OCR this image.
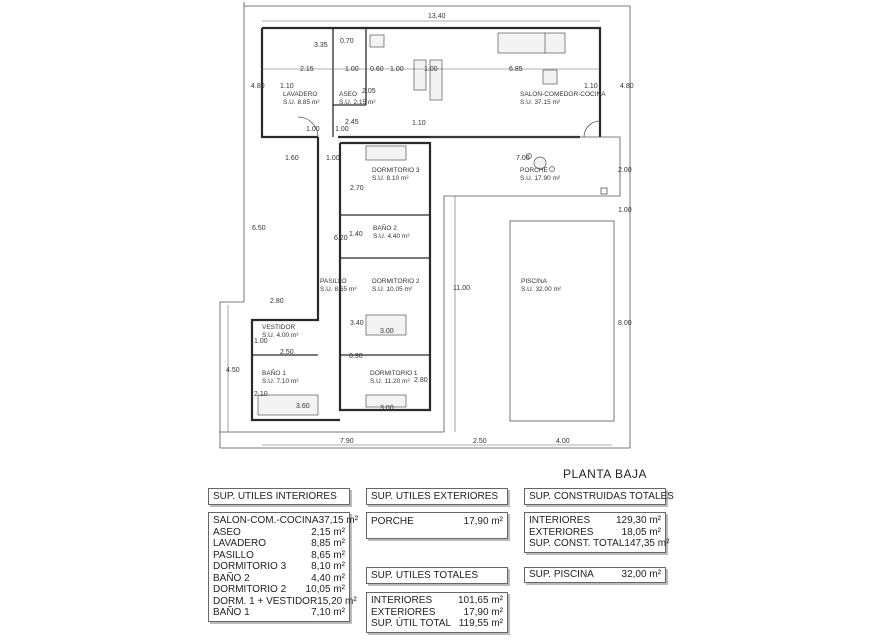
LAVADERO
S.U. 8.85 m²
ASEO
S.U. 2.15 m²
SALON-COMEDOR-COCINA
S.U. 37.15 m²
DORMITORIO 3
S.U. 8.10 m²
PORCHE
S.U. 17.90 m²
BAÑO 2
S.U. 4.40 m²
PASILLO
S.U. 8.65 m²
DORMITORIO 2
S.U. 10.05 m²
PISCINA
S.U. 32.00 m²
VESTIDOR
S.U. 4.00 m²
BAÑO 1
S.U. 7.10 m²
DORMITORIO 1
S.U. 11.20 m²
13.40
3.35
0.70
2.15	1.00 0.60 1.00	1.00	6.85
2.05
2.45
1.00
1.10
1.10
1.10
4.80	4.80
1.00
1.60	1.00	7.00
2.70
2.00
1.00
6.50
6.20
1.40
11.00
2.80
3.40	8.00
3.00
1.00
2.50
0.90
4.50
2.80
2.10
3.60	3.00
7.90	2.50	4.00
PLANTA BAJA
SUP. UTILES INTERIORES
SALON-COM.-COCINA 37,15 m²
ASEO	2,15 m²
LAVADERO	8,85 m²
PASILLO	8,65 m²
DORMITORIO 3 8,10 m²
BAÑO 2	4,40 m²
DORMITORIO 2 10,05 m²
DORM. 1 + VESTIDOR 15,20 m²
BAÑO 1	7,10 m²
SUP. UTILES EXTERIORES
PORCHE	17,90 m²
SUP. UTILES TOTALES
INTERIORES	101,65 m²
EXTERIORES	17,90 m²
SUP. ÚTIL TOTAL 119,55 m²
SUP. CONSTRUIDAS TOTALES
INTERIORES	129,30 m²
EXTERIORES	18,05 m²
SUP. CONST. TOTAL 147,35 m²
SUP. PISCINA	32,00 m²
